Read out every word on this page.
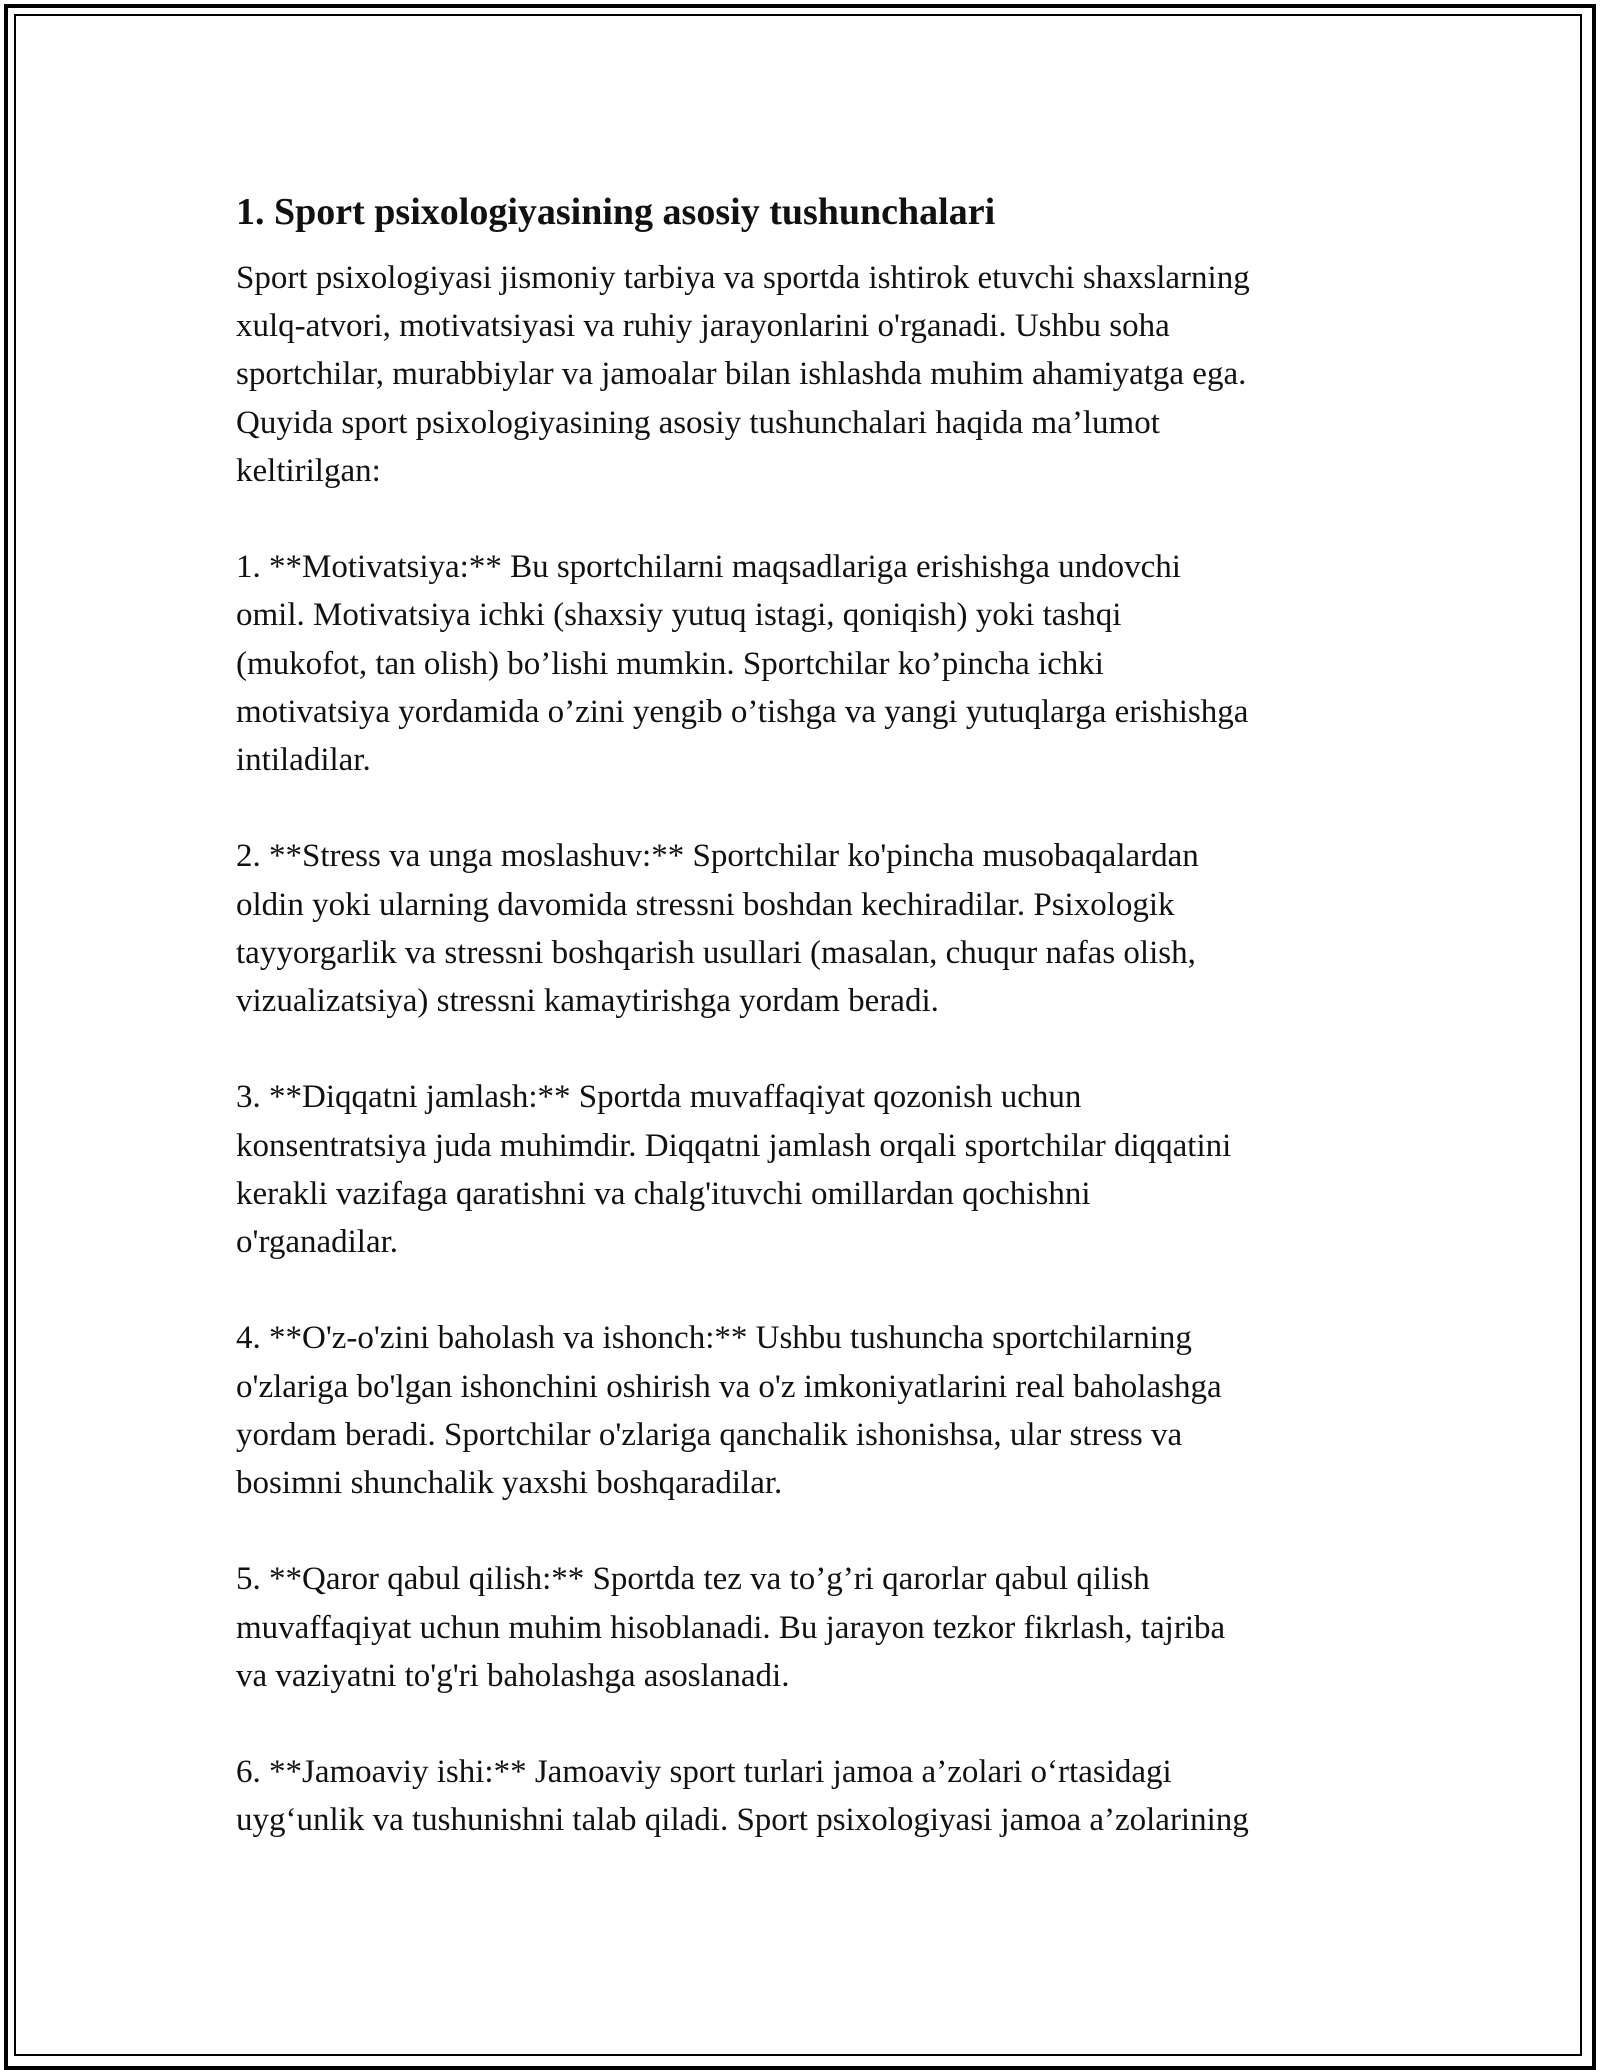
1. Sport psixologiyasining asosiy tushunchalari
Sport psixologiyasi jismoniy tarbiya va sportda ishtirok etuvchi shaxslarning
xulq-atvori, motivatsiyasi va ruhiy jarayonlarini o'rganadi. Ushbu soha
sportchilar, murabbiylar va jamoalar bilan ishlashda muhim ahamiyatga ega.
Quyida sport psixologiyasining asosiy tushunchalari haqida ma’lumot
keltirilgan:
1. **Motivatsiya:** Bu sportchilarni maqsadlariga erishishga undovchi
omil. Motivatsiya ichki (shaxsiy yutuq istagi, qoniqish) yoki tashqi
(mukofot, tan olish) bo’lishi mumkin. Sportchilar ko’pincha ichki
motivatsiya yordamida o’zini yengib o’tishga va yangi yutuqlarga erishishga
intiladilar.
2. **Stress va unga moslashuv:** Sportchilar ko'pincha musobaqalardan
oldin yoki ularning davomida stressni boshdan kechiradilar. Psixologik
tayyorgarlik va stressni boshqarish usullari (masalan, chuqur nafas olish,
vizualizatsiya) stressni kamaytirishga yordam beradi.
3. **Diqqatni jamlash:** Sportda muvaffaqiyat qozonish uchun
konsentratsiya juda muhimdir. Diqqatni jamlash orqali sportchilar diqqatini
kerakli vazifaga qaratishni va chalg'ituvchi omillardan qochishni
o'rganadilar.
4. **O'z-o'zini baholash va ishonch:** Ushbu tushuncha sportchilarning
o'zlariga bo'lgan ishonchini oshirish va o'z imkoniyatlarini real baholashga
yordam beradi. Sportchilar o'zlariga qanchalik ishonishsa, ular stress va
bosimni shunchalik yaxshi boshqaradilar.
5. **Qaror qabul qilish:** Sportda tez va to’g’ri qarorlar qabul qilish
muvaffaqiyat uchun muhim hisoblanadi. Bu jarayon tezkor fikrlash, tajriba
va vaziyatni to'g'ri baholashga asoslanadi.
6. **Jamoaviy ishi:** Jamoaviy sport turlari jamoa a’zolari o‘rtasidagi
uyg‘unlik va tushunishni talab qiladi. Sport psixologiyasi jamoa a’zolarining
